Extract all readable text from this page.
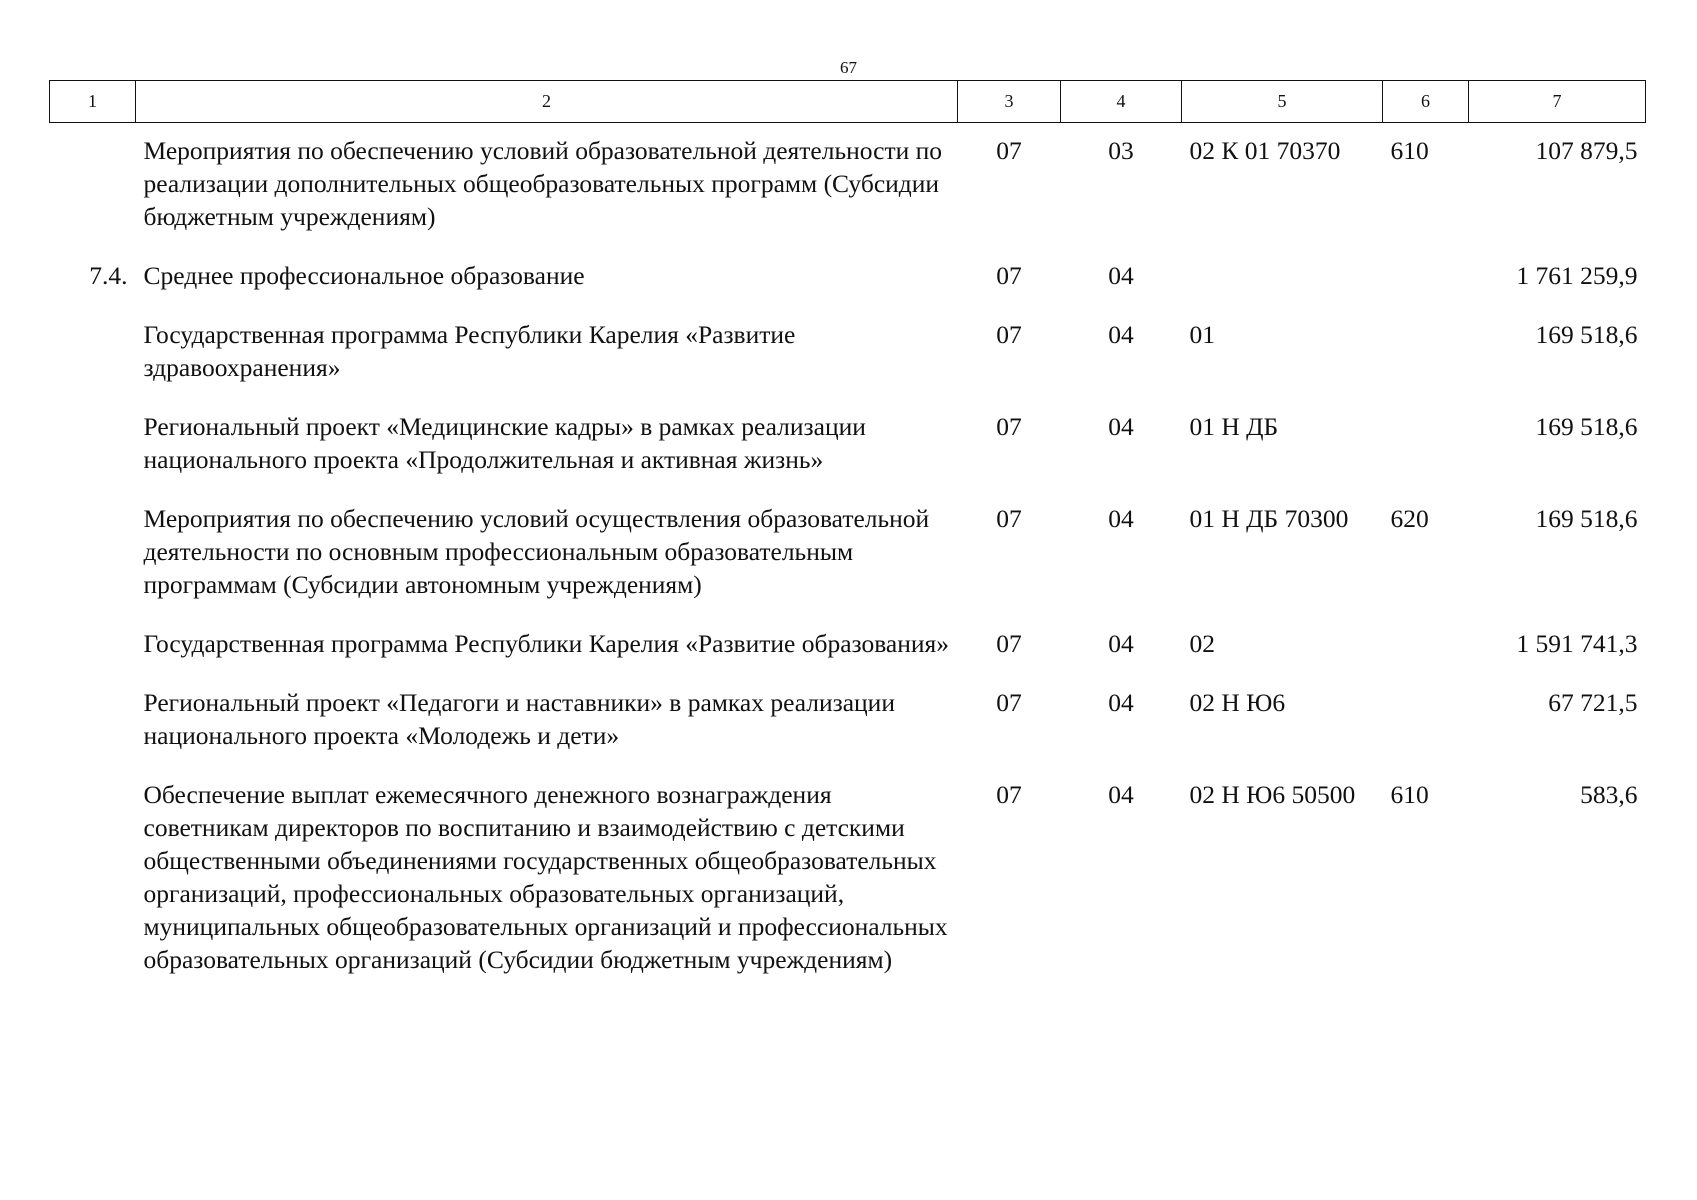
67
1	2	3	4	5	6	7
	Мероприятия по обеспечению условий образовательной деятельности по реализации дополнительных общеобразовательных программ (Субсидии бюджетным учреждениям)	07	03	02 К 01 70370	610	107 879,5
7.4.	Среднее профессиональное образование	07	04			1 761 259,9
	Государственная программа Республики Карелия «Развитие здравоохранения»	07	04	01		169 518,6
	Региональный проект «Медицинские кадры» в рамках реализации национального проекта «Продолжительная и активная жизнь»	07	04	01 Н ДБ		169 518,6
	Мероприятия по обеспечению условий осуществления образовательной деятельности по основным профессиональным образовательным программам (Субсидии автономным учреждениям)	07	04	01 Н ДБ 70300	620	169 518,6
	Государственная программа Республики Карелия «Развитие образования»	07	04	02		1 591 741,3
	Региональный проект «Педагоги и наставники» в рамках реализации национального проекта «Молодежь и дети»	07	04	02 Н Ю6		67 721,5
	Обеспечение выплат ежемесячного денежного вознаграждения советникам директоров по воспитанию и взаимодействию с детскими общественными объединениями государственных общеобразовательных организаций, профессиональных образовательных организаций, муниципальных общеобразовательных организаций и профессиональных образовательных организаций (Субсидии бюджетным учреждениям)	07	04	02 Н Ю6 50500	610	583,6
